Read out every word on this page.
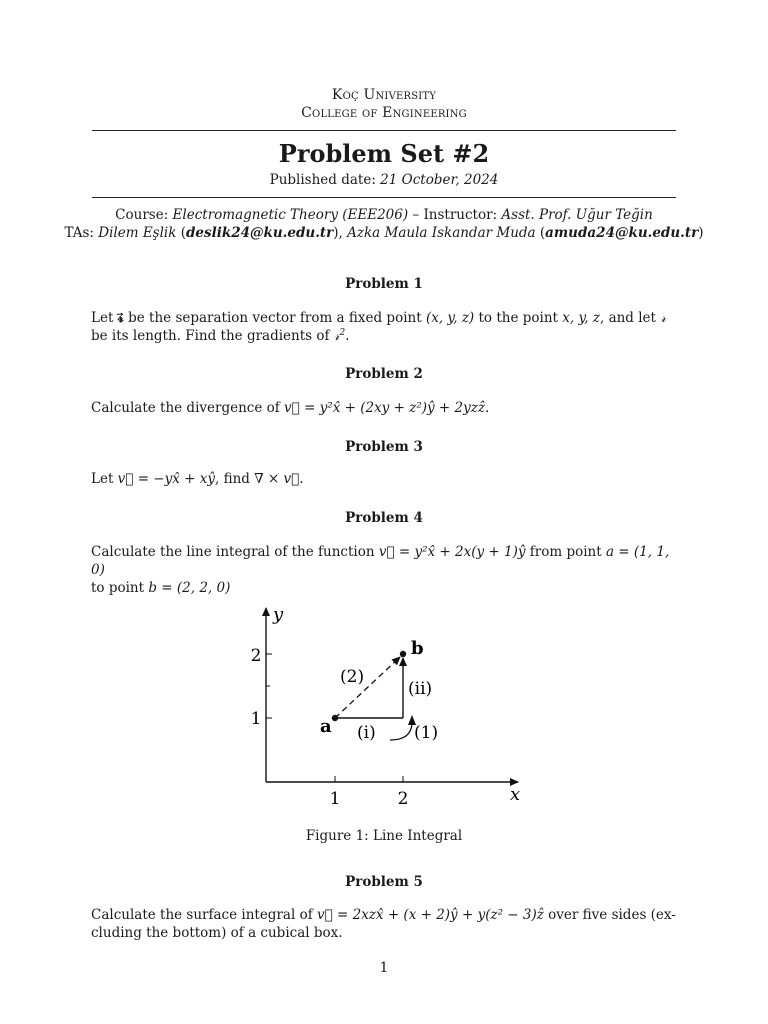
Koç University
College of Engineering
Problem Set #2
Published date: 21 October, 2024
Course: Electromagnetic Theory (EEE206) – Instructor: Asst. Prof. Uğur Teğin
TAs: Dilem Eşlik (deslik24@ku.edu.tr), Azka Maula Iskandar Muda (amuda24@ku.edu.tr)
Problem 1
Let 𝓻⃗ be the separation vector from a fixed point (x, y, z) to the point x, y, z, and let 𝓇
be its length. Find the gradients of 𝓇$^2$.
Problem 2
Calculate the divergence of v⃗ = y²x̂ + (2xy + z²)ŷ + 2yzẑ.
Problem 3
Let v⃗ = −yx̂ + xŷ, find ∇ × v⃗.
Problem 4
Calculate the line integral of the function v⃗ = y²x̂ + 2x(y + 1)ŷ from point a = (1, 1, 0)
to point b = (2, 2, 0)
1	2
1
2
x
y
a
b
(2)
(ii)
(i) (1)
Figure 1: Line Integral
Problem 5
Calculate the surface integral of v⃗ = 2xzx̂ + (x + 2)ŷ + y(z² − 3)ẑ over five sides (ex-
cluding the bottom) of a cubical box.
1
